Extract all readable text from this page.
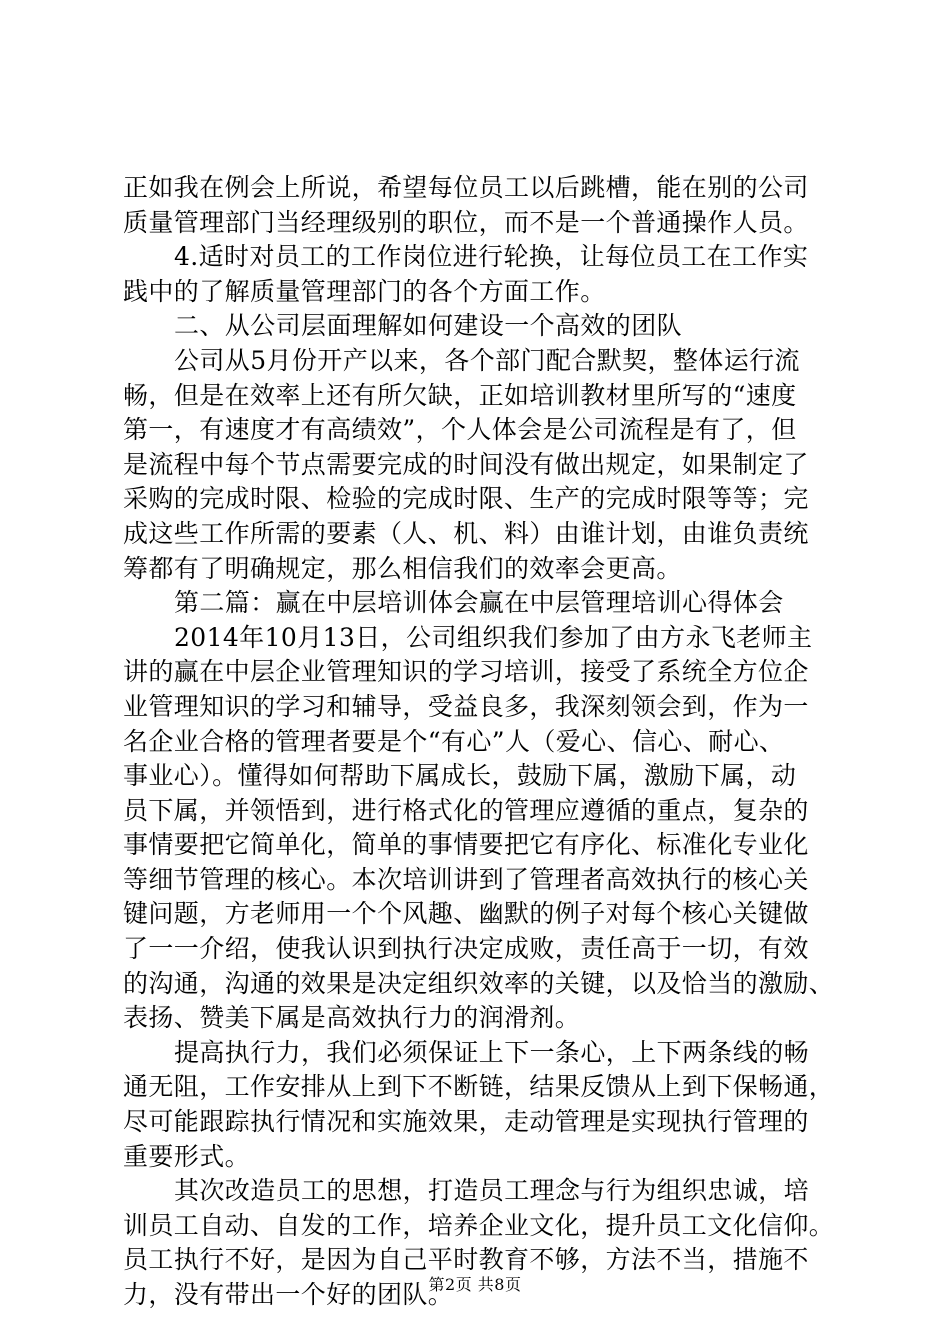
正如我在例会上所说，希望每位员工以后跳槽，能在别的公司
质量管理部门当经理级别的职位，而不是一个普通操作人员。
4.适时对员工的工作岗位进行轮换，让每位员工在工作实
践中的了解质量管理部门的各个方面工作。
二、从公司层面理解如何建设一个高效的团队
公司从5月份开产以来，各个部门配合默契，整体运行流
畅，但是在效率上还有所欠缺，正如培训教材里所写的“速度
第一，有速度才有高绩效”，个人体会是公司流程是有了，但
是流程中每个节点需要完成的时间没有做出规定，如果制定了
采购的完成时限、检验的完成时限、生产的完成时限等等；完
成这些工作所需的要素（人、机、料）由谁计划，由谁负责统
筹都有了明确规定，那么相信我们的效率会更高。
第二篇：赢在中层培训体会赢在中层管理培训心得体会
2014年10月13日，公司组织我们参加了由方永飞老师主
讲的赢在中层企业管理知识的学习培训，接受了系统全方位企
业管理知识的学习和辅导，受益良多，我深刻领会到，作为一
名企业合格的管理者要是个“有心”人（爱心、信心、耐心、
事业心）。懂得如何帮助下属成长，鼓励下属，激励下属，动
员下属，并领悟到，进行格式化的管理应遵循的重点，复杂的
事情要把它简单化，简单的事情要把它有序化、标准化专业化
等细节管理的核心。本次培训讲到了管理者高效执行的核心关
键问题，方老师用一个个风趣、幽默的例子对每个核心关键做
了一一介绍，使我认识到执行决定成败，责任高于一切，有效
的沟通，沟通的效果是决定组织效率的关键，以及恰当的激励、
表扬、赞美下属是高效执行力的润滑剂。
提高执行力，我们必须保证上下一条心，上下两条线的畅
通无阻，工作安排从上到下不断链，结果反馈从上到下保畅通，
尽可能跟踪执行情况和实施效果，走动管理是实现执行管理的
重要形式。
其次改造员工的思想，打造员工理念与行为组织忠诚，培
训员工自动、自发的工作，培养企业文化，提升员工文化信仰。
员工执行不好，是因为自己平时教育不够，方法不当，措施不
力，没有带出一个好的团队。
第2页 共8页
